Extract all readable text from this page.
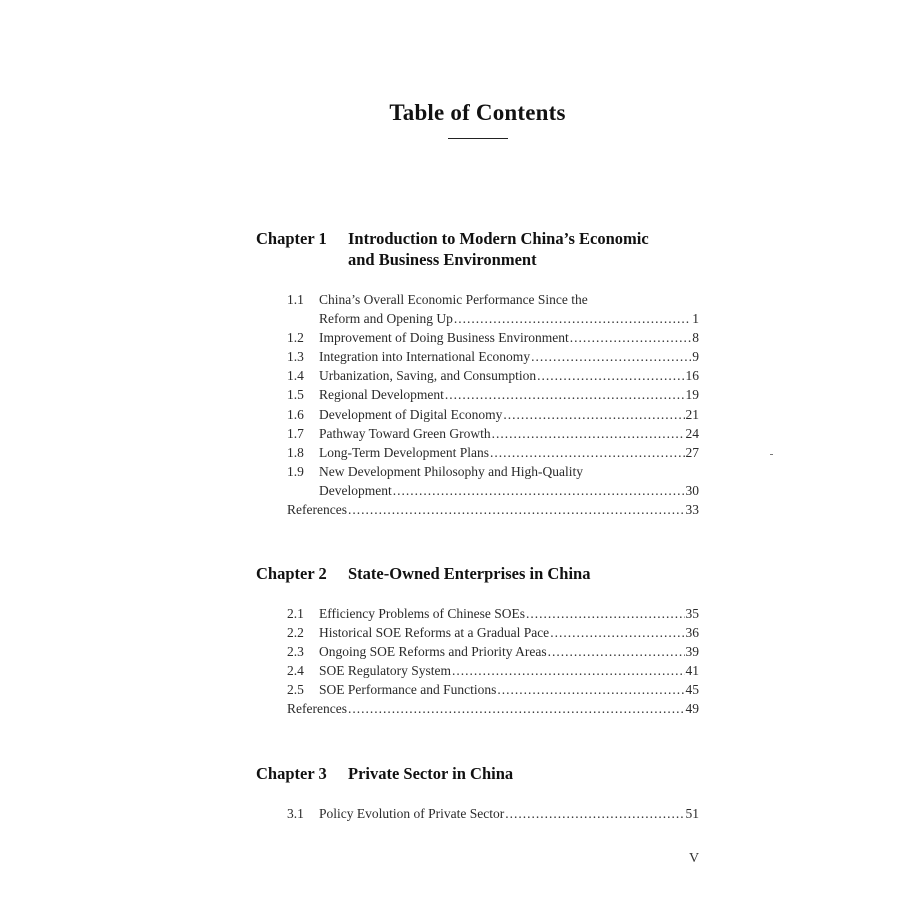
Table of Contents
Chapter 1 Introduction to Modern China’s Economic
and Business Environment
1.1	China’s Overall Economic Performance Since the
Reform and Opening Up .....	1
1.2 Improvement of Doing Business Environment .....	8
1.3 Integration into International Economy .....	9
1.4 Urbanization, Saving, and Consumption .....	16
1.5 Regional Development .....	19
1.6 Development of Digital Economy .....	21
1.7 Pathway Toward Green Growth .....	24
1.8 Long-Term Development Plans .....	27
1.9	New Development Philosophy and High-Quality
Development .....	30
References .....	33
Chapter 2 State-Owned Enterprises in China
2.1 Efficiency Problems of Chinese SOEs .....	35
2.2 Historical SOE Reforms at a Gradual Pace .....	36
2.3 Ongoing SOE Reforms and Priority Areas .....	39
2.4 SOE Regulatory System .....	41
2.5 SOE Performance and Functions .....	45
References .....	49
Chapter 3 Private Sector in China
3.1 Policy Evolution of Private Sector .....	51
V
